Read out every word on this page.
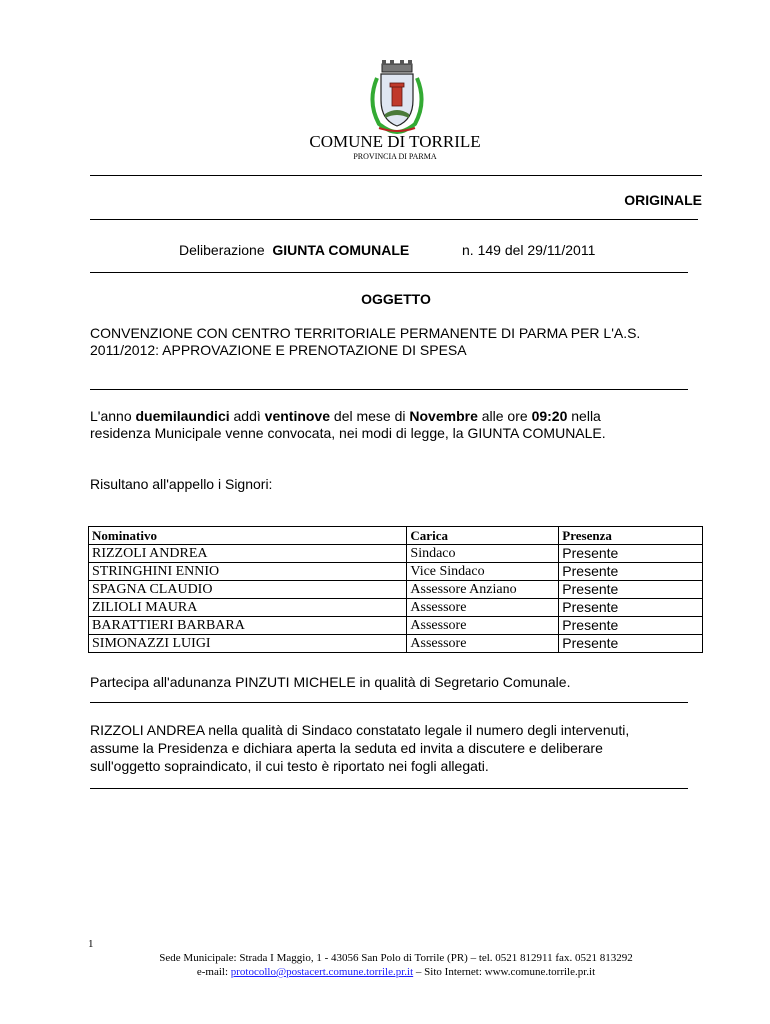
COMUNE DI TORRILE
PROVINCIA DI PARMA
ORIGINALE
Deliberazione GIUNTA COMUNALE	n. 149 del 29/11/2011
OGGETTO
CONVENZIONE CON CENTRO TERRITORIALE PERMANENTE DI PARMA PER L'A.S.
2011/2012: APPROVAZIONE E PRENOTAZIONE DI SPESA
L'anno duemilaundici addì ventinove del mese di Novembre alle ore 09:20 nella
residenza Municipale venne convocata, nei modi di legge, la GIUNTA COMUNALE.
Risultano all'appello i Signori:
Nominativo	Carica	Presenza
RIZZOLI ANDREA	Sindaco	Presente
STRINGHINI ENNIO	Vice Sindaco	Presente
SPAGNA CLAUDIO	Assessore Anziano	Presente
ZILIOLI MAURA	Assessore	Presente
BARATTIERI BARBARA	Assessore	Presente
SIMONAZZI LUIGI	Assessore	Presente
Partecipa all'adunanza PINZUTI MICHELE in qualità di Segretario Comunale.
RIZZOLI ANDREA nella qualità di Sindaco constatato legale il numero degli intervenuti,
assume la Presidenza e dichiara aperta la seduta ed invita a discutere e deliberare
sull'oggetto sopraindicato, il cui testo è riportato nei fogli allegati.
1
Sede Municipale: Strada I Maggio, 1 - 43056 San Polo di Torrile (PR) – tel. 0521 812911 fax. 0521 813292
e-mail: protocollo@postacert.comune.torrile.pr.it – Sito Internet: www.comune.torrile.pr.it
